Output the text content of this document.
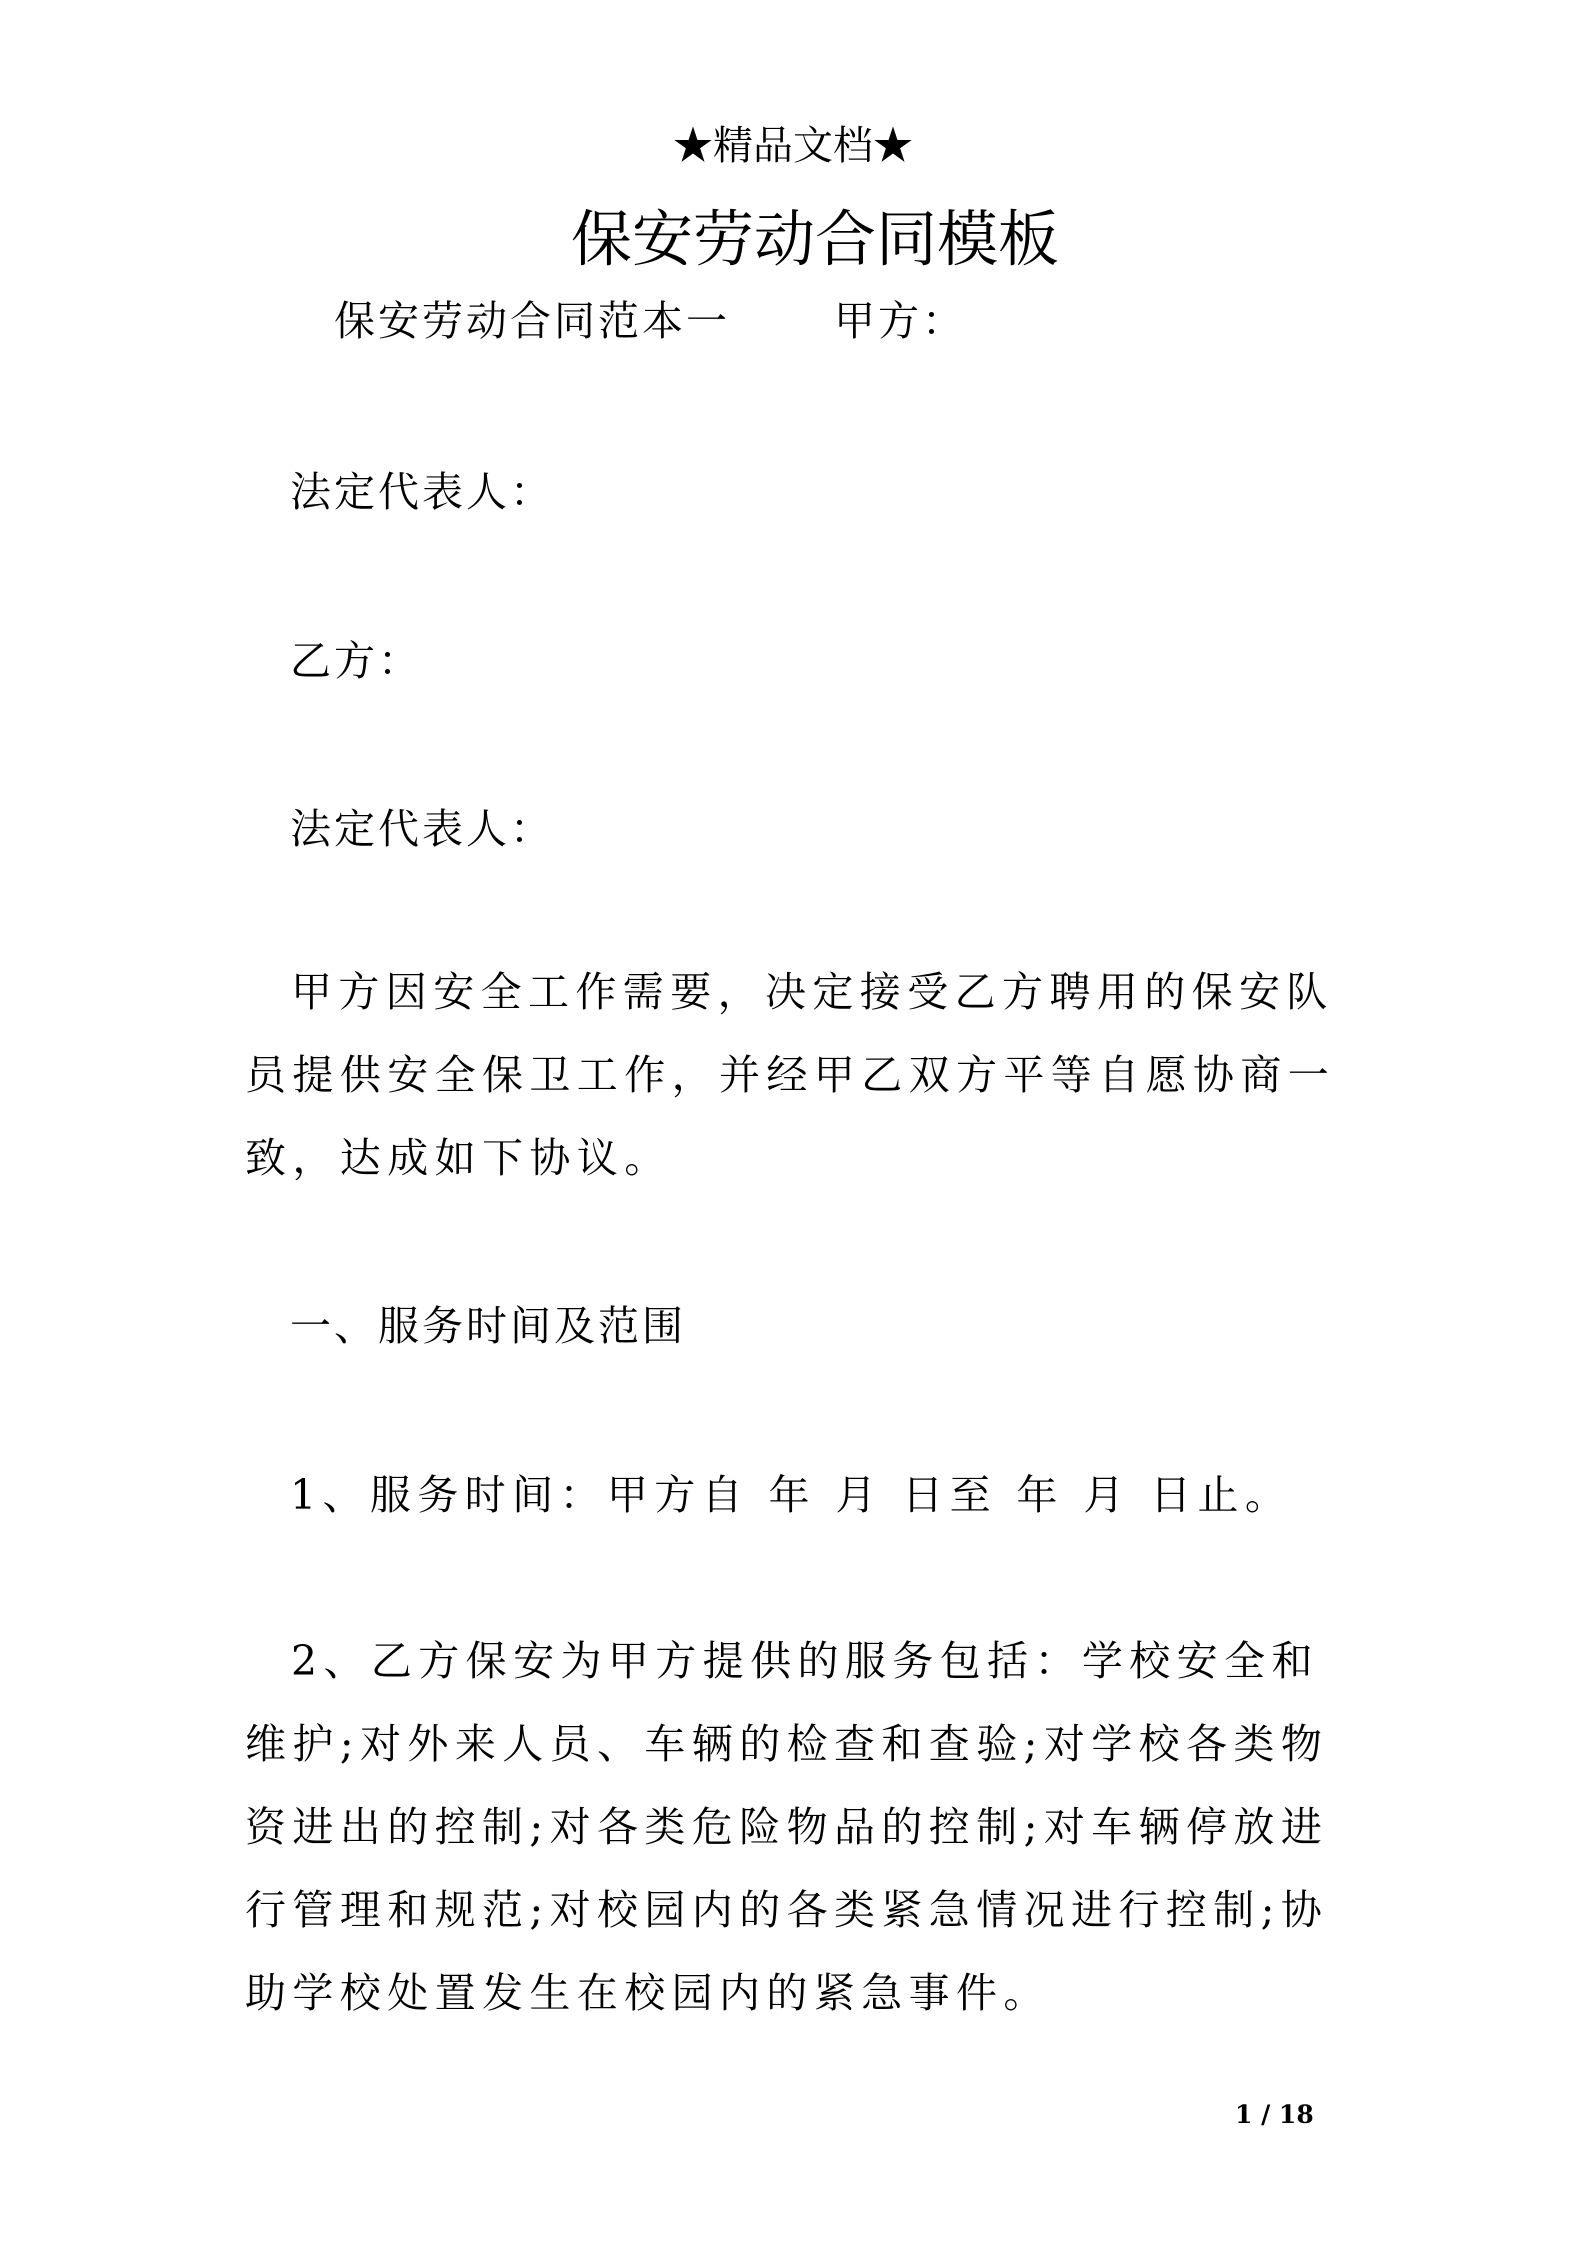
★精品文档★
保安劳动合同模板
保安劳动合同范本一　　 甲方：
法定代表人：
乙方：
法定代表人：
甲方因安全工作需要，决定接受乙方聘用的保安队员提供安全保卫工作，并经甲乙双方平等自愿协商一致，达成如下协议。
一、服务时间及范围
1、服务时间：甲方自 年 月 日至 年 月 日止。
2、乙方保安为甲方提供的服务包括：学校安全和维护;对外来人员、车辆的检查和查验;对学校各类物资进出的控制;对各类危险物品的控制;对车辆停放进行管理和规范;对校园内的各类紧急情况进行控制;协助学校处置发生在校园内的紧急事件。
1 / 18
